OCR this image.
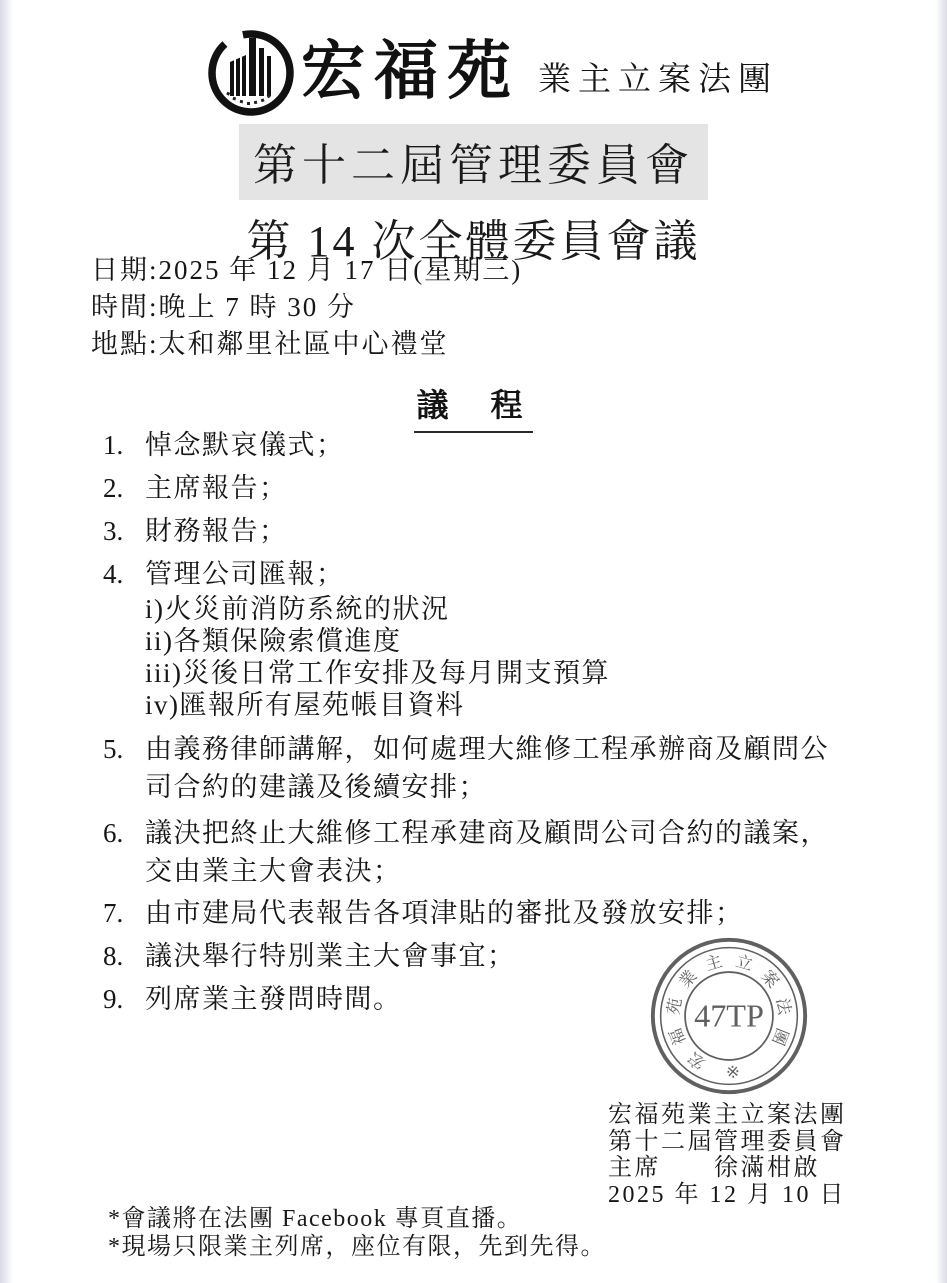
宏福苑 業主立案法團
第十二屆管理委員會
第 14 次全體委員會議
日期:2025 年 12 月 17 日(星期三)
時間:晚上 7 時 30 分
地點:太和鄰里社區中心禮堂
議 程
1. 悼念默哀儀式；
2. 主席報告；
3. 財務報告；
4. 管理公司匯報；
i)火災前消防系統的狀況
ii)各類保險索償進度
iii)災後日常工作安排及每月開支預算
iv)匯報所有屋苑帳目資料
5. 由義務律師講解，如何處理大維修工程承辦商及顧問公司合約的建議及後續安排；
6. 議決把終止大維修工程承建商及顧問公司合約的議案，交由業主大會表決；
7. 由市建局代表報告各項津貼的審批及發放安排；
8. 議決舉行特別業主大會事宜；
9. 列席業主發問時間。
宏
福
苑
業
主 立
案
法
團
※
47TP
宏福苑業主立案法團
第十二屆管理委員會
主席　　徐滿柑啟
2025 年 12 月 10 日
*會議將在法團 Facebook 專頁直播。
*現場只限業主列席，座位有限，先到先得。
